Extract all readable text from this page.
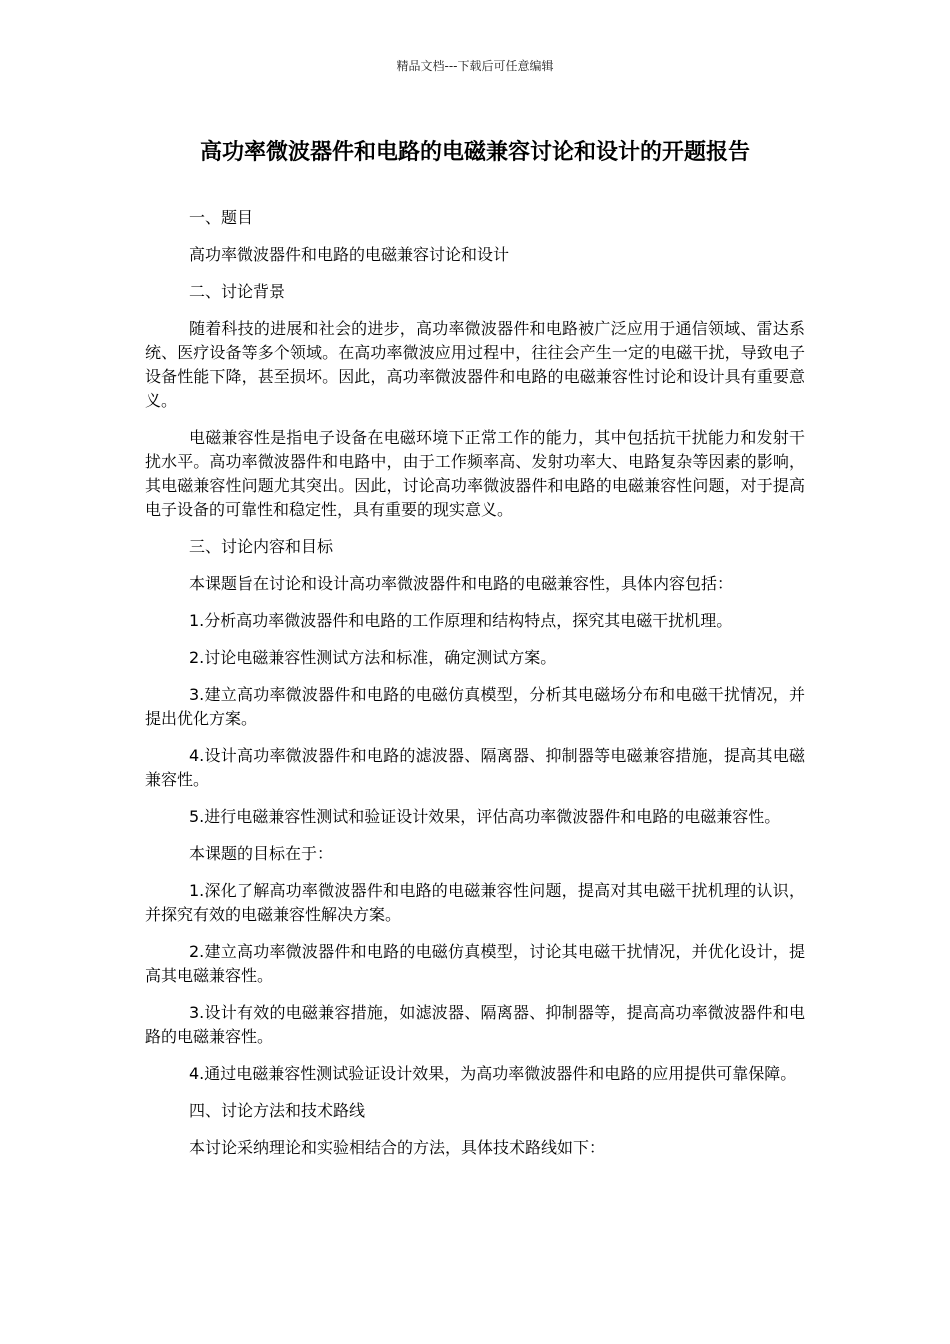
精品文档---下载后可任意编辑
高功率微波器件和电路的电磁兼容讨论和设计的开题报告

一、题目

高功率微波器件和电路的电磁兼容讨论和设计

二、讨论背景

随着科技的进展和社会的进步，高功率微波器件和电路被广泛应用于通信领域、雷达系统、医疗设备等多个领域。在高功率微波应用过程中，往往会产生一定的电磁干扰，导致电子设备性能下降，甚至损坏。因此，高功率微波器件和电路的电磁兼容性讨论和设计具有重要意义。

电磁兼容性是指电子设备在电磁环境下正常工作的能力，其中包括抗干扰能力和发射干扰水平。高功率微波器件和电路中，由于工作频率高、发射功率大、电路复杂等因素的影响，其电磁兼容性问题尤其突出。因此，讨论高功率微波器件和电路的电磁兼容性问题，对于提高电子设备的可靠性和稳定性，具有重要的现实意义。

三、讨论内容和目标

本课题旨在讨论和设计高功率微波器件和电路的电磁兼容性，具体内容包括：

1.分析高功率微波器件和电路的工作原理和结构特点，探究其电磁干扰机理。

2.讨论电磁兼容性测试方法和标准，确定测试方案。

3.建立高功率微波器件和电路的电磁仿真模型，分析其电磁场分布和电磁干扰情况，并提出优化方案。

4.设计高功率微波器件和电路的滤波器、隔离器、抑制器等电磁兼容措施，提高其电磁兼容性。

5.进行电磁兼容性测试和验证设计效果，评估高功率微波器件和电路的电磁兼容性。

本课题的目标在于：

1.深化了解高功率微波器件和电路的电磁兼容性问题，提高对其电磁干扰机理的认识，并探究有效的电磁兼容性解决方案。

2.建立高功率微波器件和电路的电磁仿真模型，讨论其电磁干扰情况，并优化设计，提高其电磁兼容性。

3.设计有效的电磁兼容措施，如滤波器、隔离器、抑制器等，提高高功率微波器件和电路的电磁兼容性。

4.通过电磁兼容性测试验证设计效果，为高功率微波器件和电路的应用提供可靠保障。

四、讨论方法和技术路线

本讨论采纳理论和实验相结合的方法，具体技术路线如下：
